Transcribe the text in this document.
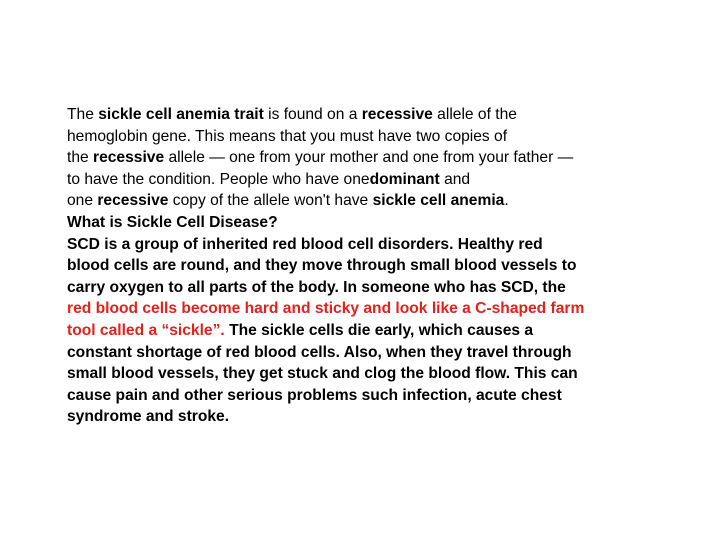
The sickle cell anemia trait is found on a recessive allele of the
hemoglobin gene. This means that you must have two copies of
the recessive allele — one from your mother and one from your father —
to have the condition. People who have onedominant and
one recessive copy of the allele won't have sickle cell anemia.
What is Sickle Cell Disease?
SCD is a group of inherited red blood cell disorders. Healthy red
blood cells are round, and they move through small blood vessels to
carry oxygen to all parts of the body. In someone who has SCD, the
red blood cells become hard and sticky and look like a C-shaped farm
tool called a “sickle”. The sickle cells die early, which causes a
constant shortage of red blood cells. Also, when they travel through
small blood vessels, they get stuck and clog the blood flow. This can
cause pain and other serious problems such infection, acute chest
syndrome and stroke.
